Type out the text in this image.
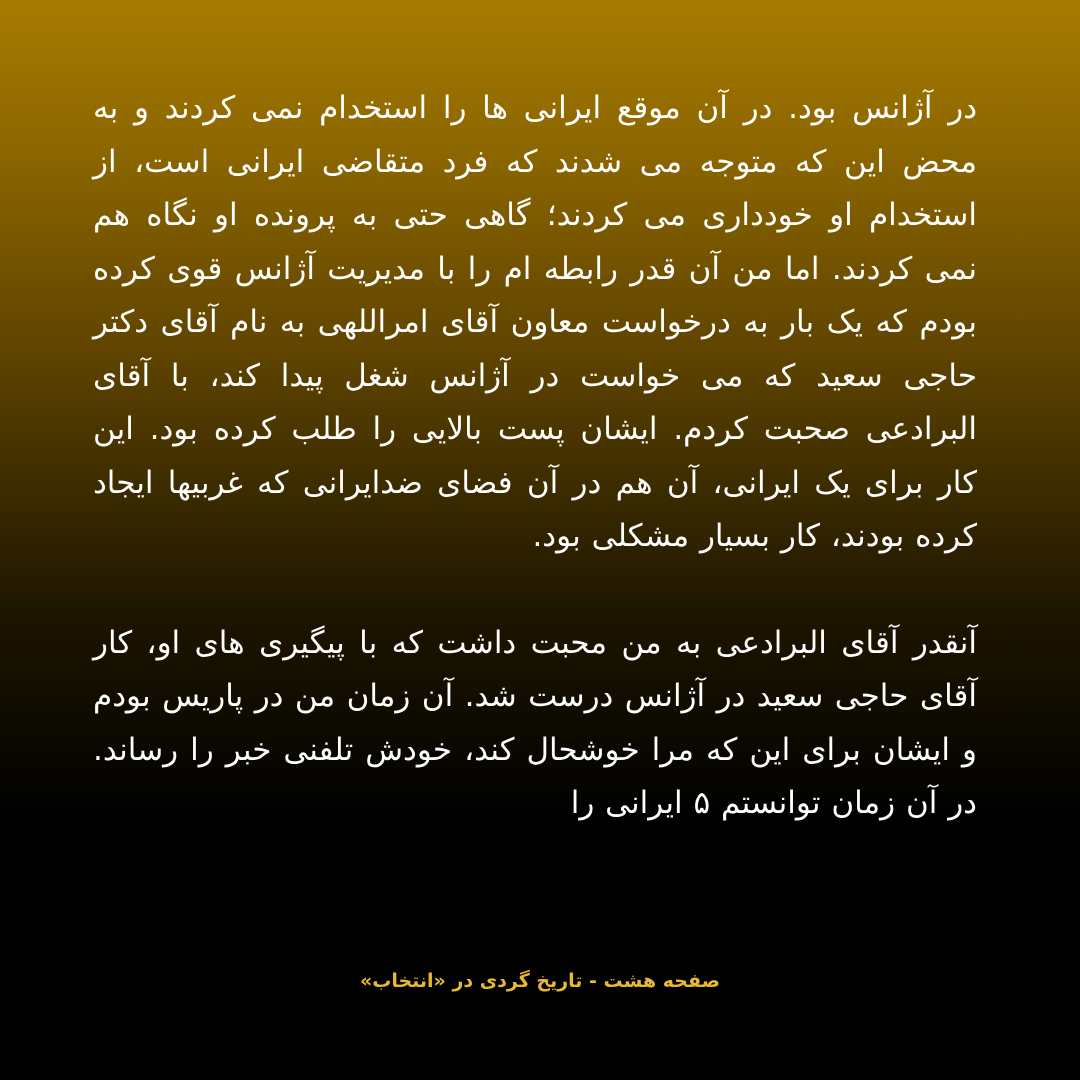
در آژانس بود. در آن موقع ایرانی ها را استخدام نمی کردند و به محض این که متوجه می شدند که فرد متقاضی ایرانی است، از استخدام او خودداری می کردند؛ گاهی حتی به پرونده او نگاه هم نمی کردند. اما من آن قدر رابطه ام را با مدیریت آژانس قوی کرده بودم که یک بار به درخواست معاون آقای امراللهی به نام آقای دکتر حاجی سعید که می خواست در آژانس شغل پیدا کند، با آقای البرادعی صحبت کردم. ایشان پست بالایی را طلب کرده بود. این کار برای یک ایرانی، آن هم در آن فضای ضدایرانی که غربیها ایجاد کرده بودند، کار بسیار مشکلی بود.

آنقدر آقای البرادعی به من محبت داشت که با پیگیری های او، کار آقای حاجی سعید در آژانس درست شد. آن زمان من در پاریس بودم و ایشان برای این که مرا خوشحال کند، خودش تلفنی خبر را رساند. در آن زمان توانستم ۵ ایرانی را

صفحه هشت - تاریخ گردی در «انتخاب»
